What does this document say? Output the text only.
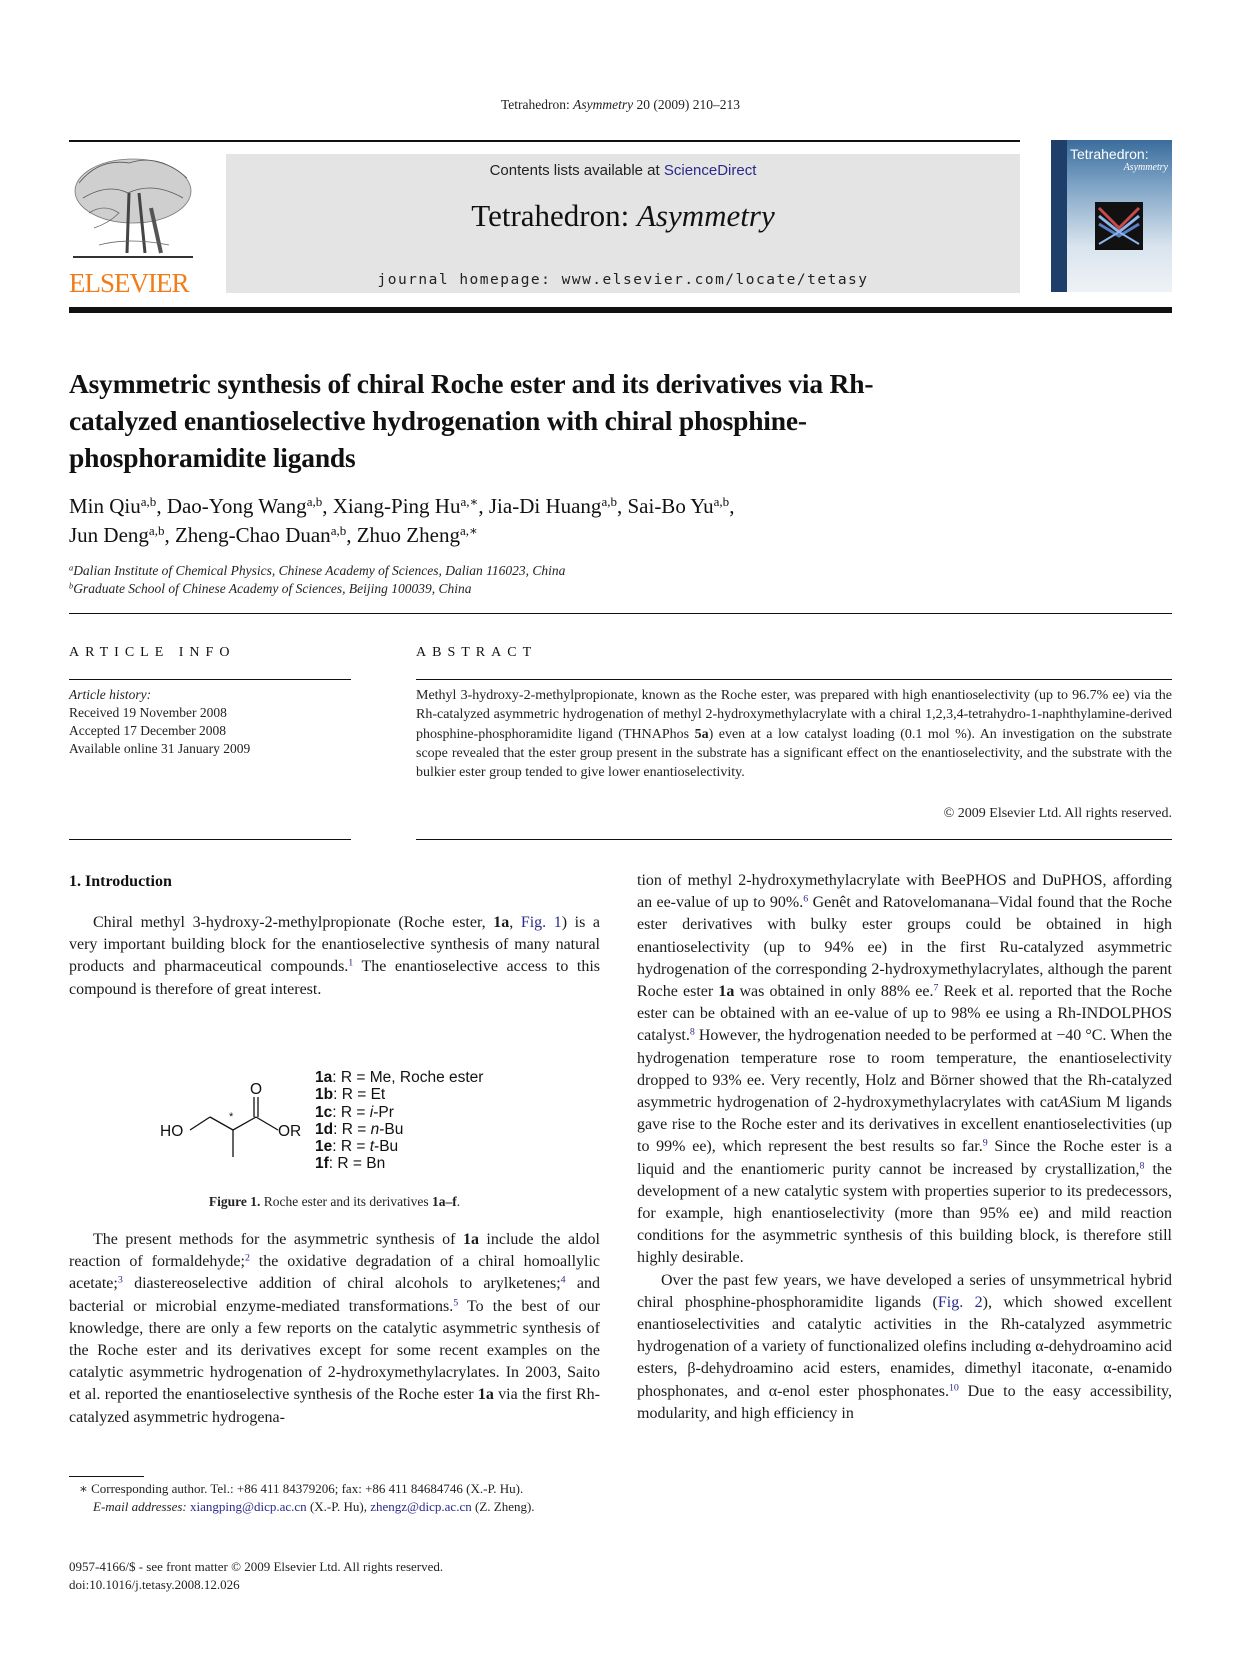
Tetrahedron: Asymmetry 20 (2009) 210–213
ELSEVIER
Contents lists available at ScienceDirect
Tetrahedron: Asymmetry
journal homepage: www.elsevier.com/locate/tetasy
Tetrahedron:
Asymmetry
Asymmetric synthesis of chiral Roche ester and its derivatives via Rh-catalyzed enantioselective hydrogenation with chiral phosphine-phosphoramidite ligands
Min Qiu$^{a,b}$, Dao-Yong Wang$^{a,b}$, Xiang-Ping $Hu^{a,∗}$, Jia-Di Huang$^{a,b}$, Sai-Bo Yu$^{a,b}$,
Jun Deng$^{a,b}$, Zheng-Chao Duan$^{a,b}$, Zhuo Zheng$^{a,∗}$
$^a$Dalian Institute of Chemical Physics, Chinese Academy of Sciences, Dalian 116023, China
$^b$Graduate School of Chinese Academy of Sciences, Beijing 100039, China
ARTICLE INFO
Article history:
Received 19 November 2008
Accepted 17 December 2008
Available online 31 January 2009
ABSTRACT
Methyl 3-hydroxy-2-methylpropionate, known as the Roche ester, was prepared with high enantioselectivity (up to 96.7% ee) via the Rh-catalyzed asymmetric hydrogenation of methyl 2-hydroxymethylacrylate with a chiral 1,2,3,4-tetrahydro-1-naphthylamine-derived phosphine-phosphoramidite ligand (THNAPhos 5a) even at a low catalyst loading (0.1 mol %). An investigation on the substrate scope revealed that the ester group present in the substrate has a significant effect on the enantioselectivity, and the substrate with the bulkier ester group tended to give lower enantioselectivity.
© 2009 Elsevier Ltd. All rights reserved.
1. Introduction

Chiral methyl 3-hydroxy-2-methylpropionate (Roche ester, 1a, Fig. 1) is a very important building block for the enantioselective synthesis of many natural products and pharmaceutical compounds.$^1$ The enantioselective access to this compound is therefore of great interest.

HO	OR
O
*
1a: R = Me, Roche ester
1b: R = Et
1c: R = i-Pr
1d: R = n-Bu
1e: R = t-Bu
1f: R = Bn
Figure 1. Roche ester and its derivatives 1a–f.

The present methods for the asymmetric synthesis of 1a include the aldol reaction of formaldehyde;$^2$ the oxidative degradation of a chiral homoallylic acetate;$^3$ diastereoselective addition of chiral alcohols to arylketenes;$^4$ and bacterial or microbial enzyme-mediated transformations.$^5$ To the best of our knowledge, there are only a few reports on the catalytic asymmetric synthesis of the Roche ester and its derivatives except for some recent examples on the catalytic asymmetric hydrogenation of 2-hydroxymethylacrylates. In 2003, Saito et al. reported the enantioselective synthesis of the Roche ester 1a via the first Rh-catalyzed asymmetric hydrogena-

∗ Corresponding author. Tel.: +86 411 84379206; fax: +86 411 84684746 (X.-P. Hu).
E-mail addresses: xiangping@dicp.ac.cn (X.-P. Hu), zhengz@dicp.ac.cn (Z. Zheng).
0957-4166/$ - see front matter © 2009 Elsevier Ltd. All rights reserved.
doi:10.1016/j.tetasy.2008.12.026

tion of methyl 2-hydroxymethylacrylate with BeePHOS and DuPHOS, affording an ee-value of up to 90%.$^6$ Genêt and Ratovelomanana–Vidal found that the Roche ester derivatives with bulky ester groups could be obtained in high enantioselectivity (up to 94% ee) in the first Ru-catalyzed asymmetric hydrogenation of the corresponding 2-hydroxymethylacrylates, although the parent Roche ester 1a was obtained in only 88% ee.$^7$ Reek et al. reported that the Roche ester can be obtained with an ee-value of up to 98% ee using a Rh-INDOLPHOS catalyst.$^8$ However, the hydrogenation needed to be performed at −40 °C. When the hydrogenation temperature rose to room temperature, the enantioselectivity dropped to 93% ee. Very recently, Holz and Börner showed that the Rh-catalyzed asymmetric hydrogenation of 2-hydroxymethylacrylates with catASium M ligands gave rise to the Roche ester and its derivatives in excellent enantioselectivities (up to 99% ee), which represent the best results so far.$^9$ Since the Roche ester is a liquid and the enantiomeric purity cannot be increased by crystallization,$^8$ the development of a new catalytic system with properties superior to its predecessors, for example, high enantioselectivity (more than 95% ee) and mild reaction conditions for the asymmetric synthesis of this building block, is therefore still highly desirable.

Over the past few years, we have developed a series of unsymmetrical hybrid chiral phosphine-phosphoramidite ligands (Fig. 2), which showed excellent enantioselectivities and catalytic activities in the Rh-catalyzed asymmetric hydrogenation of a variety of functionalized olefins including α-dehydroamino acid esters, β-dehydroamino acid esters, enamides, dimethyl itaconate, α-enamido phosphonates, and α-enol ester phosphonates.$^{10}$ Due to the easy accessibility, modularity, and high efficiency in
